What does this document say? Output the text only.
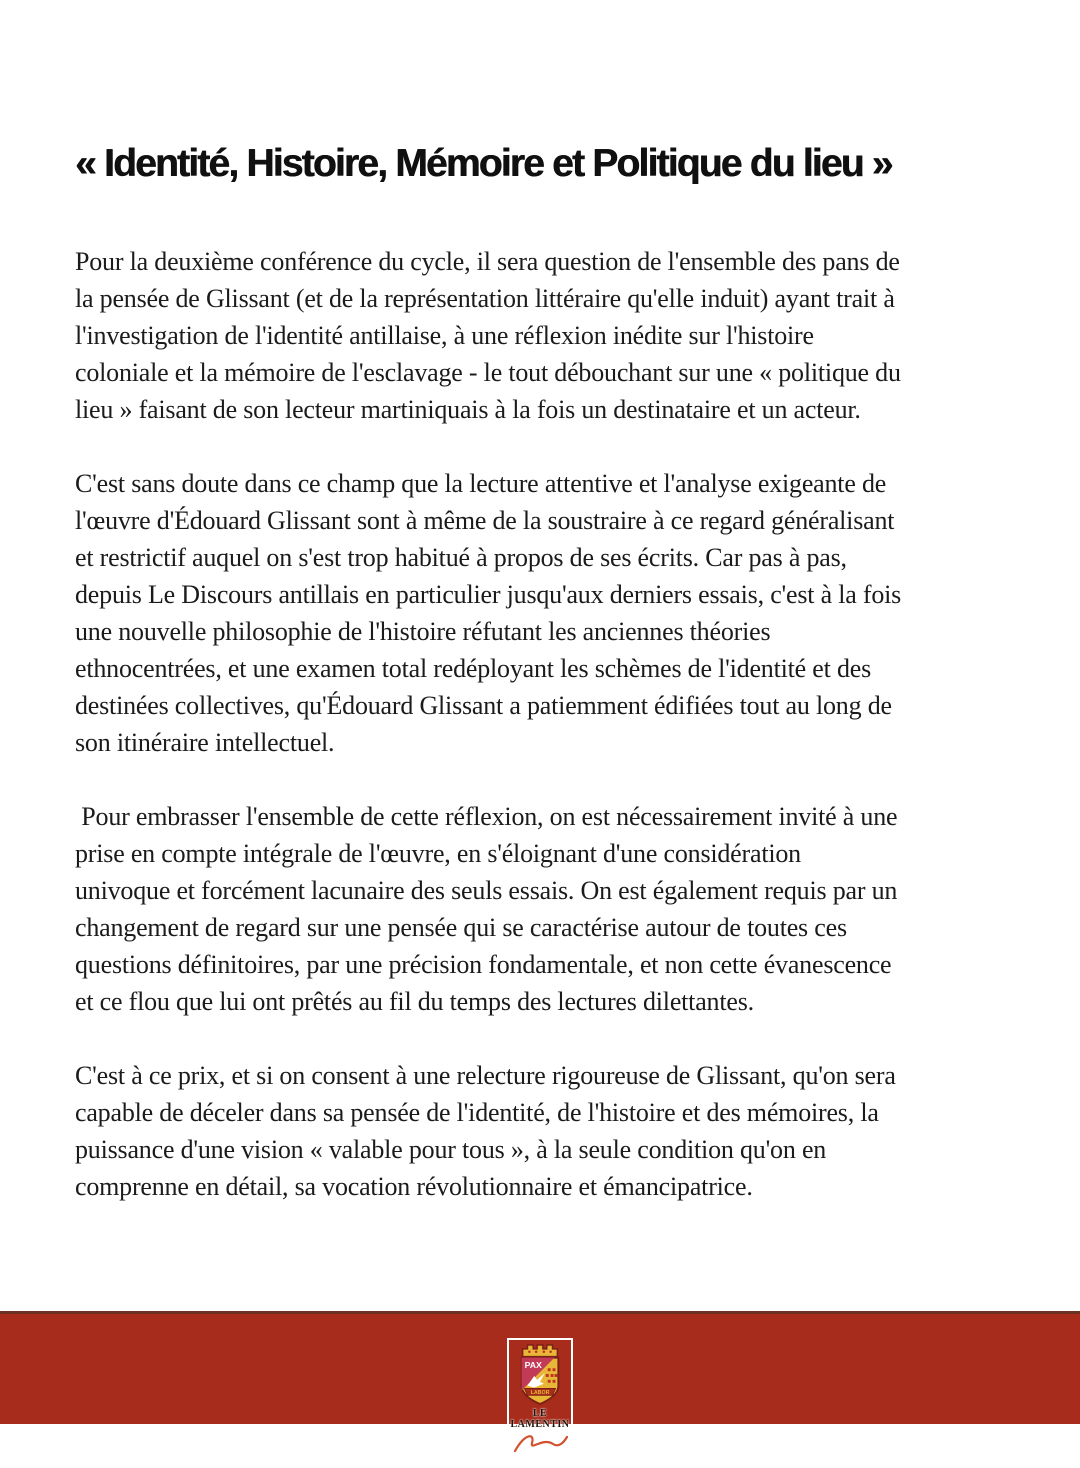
« Identité, Histoire, Mémoire et Politique du lieu »
Pour la deuxième conférence du cycle, il sera question de l'ensemble des pans de
la pensée de Glissant (et de la représentation littéraire qu'elle induit) ayant trait à
l'investigation de l'identité antillaise, à une réflexion inédite sur l'histoire
coloniale et la mémoire de l'esclavage - le tout débouchant sur une « politique du
lieu » faisant de son lecteur martiniquais à la fois un destinataire et un acteur.
C'est sans doute dans ce champ que la lecture attentive et l'analyse exigeante de
l'œuvre d'Édouard Glissant sont à même de la soustraire à ce regard généralisant
et restrictif auquel on s'est trop habitué à propos de ses écrits. Car pas à pas,
depuis Le Discours antillais en particulier jusqu'aux derniers essais, c'est à la fois
une nouvelle philosophie de l'histoire réfutant les anciennes théories
ethnocentrées, et une examen total redéployant les schèmes de l'identité et des
destinées collectives, qu'Édouard Glissant a patiemment édifiées tout au long de
son itinéraire intellectuel.
Pour embrasser l'ensemble de cette réflexion, on est nécessairement invité à une
prise en compte intégrale de l'œuvre, en s'éloignant d'une considération
univoque et forcément lacunaire des seuls essais. On est également requis par un
changement de regard sur une pensée qui se caractérise autour de toutes ces
questions définitoires, par une précision fondamentale, et non cette évanescence
et ce flou que lui ont prêtés au fil du temps des lectures dilettantes.
C'est à ce prix, et si on consent à une relecture rigoureuse de Glissant, qu'on sera
capable de déceler dans sa pensée de l'identité, de l'histoire et des mémoires, la
puissance d'une vision « valable pour tous », à la seule condition qu'on en
comprenne en détail, sa vocation révolutionnaire et émancipatrice.
PAX
LABOR
LE
LAMENTIN
